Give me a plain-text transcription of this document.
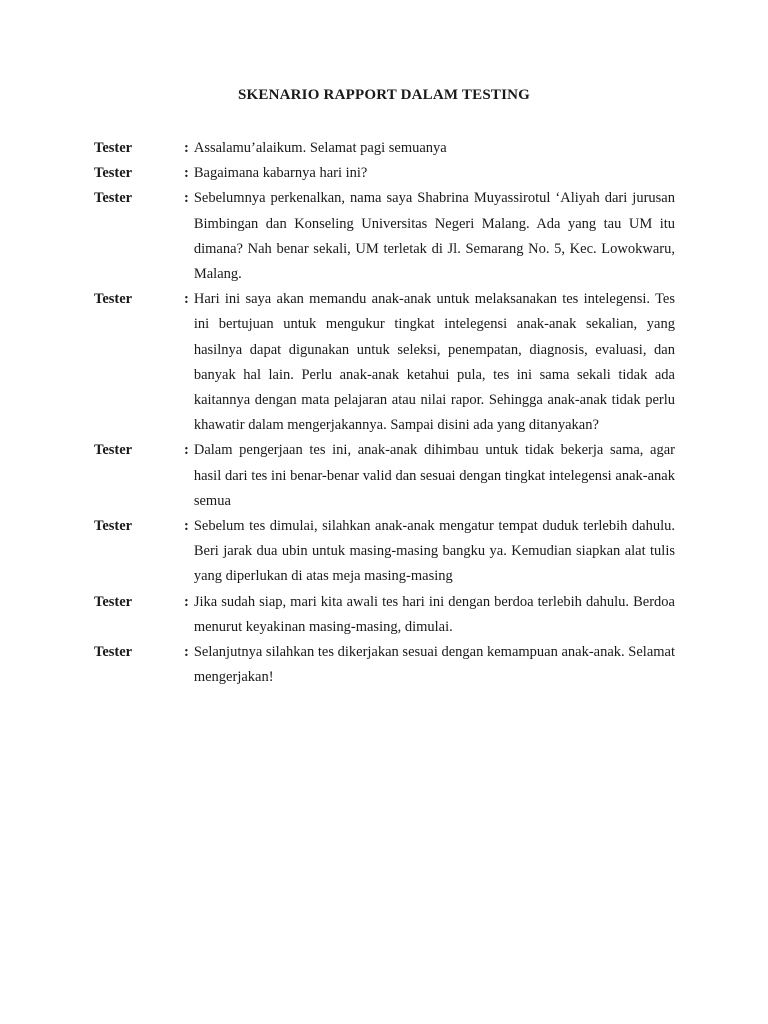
SKENARIO RAPPORT DALAM TESTING
Tester	: Assalamu’alaikum. Selamat pagi semuanya
Tester	: Bagaimana kabarnya hari ini?
Tester	: Sebelumnya perkenalkan, nama saya Shabrina Muyassirotul ‘Aliyah dari jurusan Bimbingan dan Konseling Universitas Negeri Malang. Ada yang tau UM itu dimana? Nah benar sekali, UM terletak di Jl. Semarang No. 5, Kec. Lowokwaru, Malang.
Tester	: Hari ini saya akan memandu anak-anak untuk melaksanakan tes intelegensi. Tes ini bertujuan untuk mengukur tingkat intelegensi anak-anak sekalian, yang hasilnya dapat digunakan untuk seleksi, penempatan, diagnosis, evaluasi, dan banyak hal lain. Perlu anak-anak ketahui pula, tes ini sama sekali tidak ada kaitannya dengan mata pelajaran atau nilai rapor. Sehingga anak-anak tidak perlu khawatir dalam mengerjakannya. Sampai disini ada yang ditanyakan?
Tester	: Dalam pengerjaan tes ini, anak-anak dihimbau untuk tidak bekerja sama, agar hasil dari tes ini benar-benar valid dan sesuai dengan tingkat intelegensi anak-anak semua
Tester	: Sebelum tes dimulai, silahkan anak-anak mengatur tempat duduk terlebih dahulu. Beri jarak dua ubin untuk masing-masing bangku ya. Kemudian siapkan alat tulis yang diperlukan di atas meja masing-masing
Tester	: Jika sudah siap, mari kita awali tes hari ini dengan berdoa terlebih dahulu. Berdoa menurut keyakinan masing-masing, dimulai.
Tester	: Selanjutnya silahkan tes dikerjakan sesuai dengan kemampuan anak-anak. Selamat mengerjakan!
